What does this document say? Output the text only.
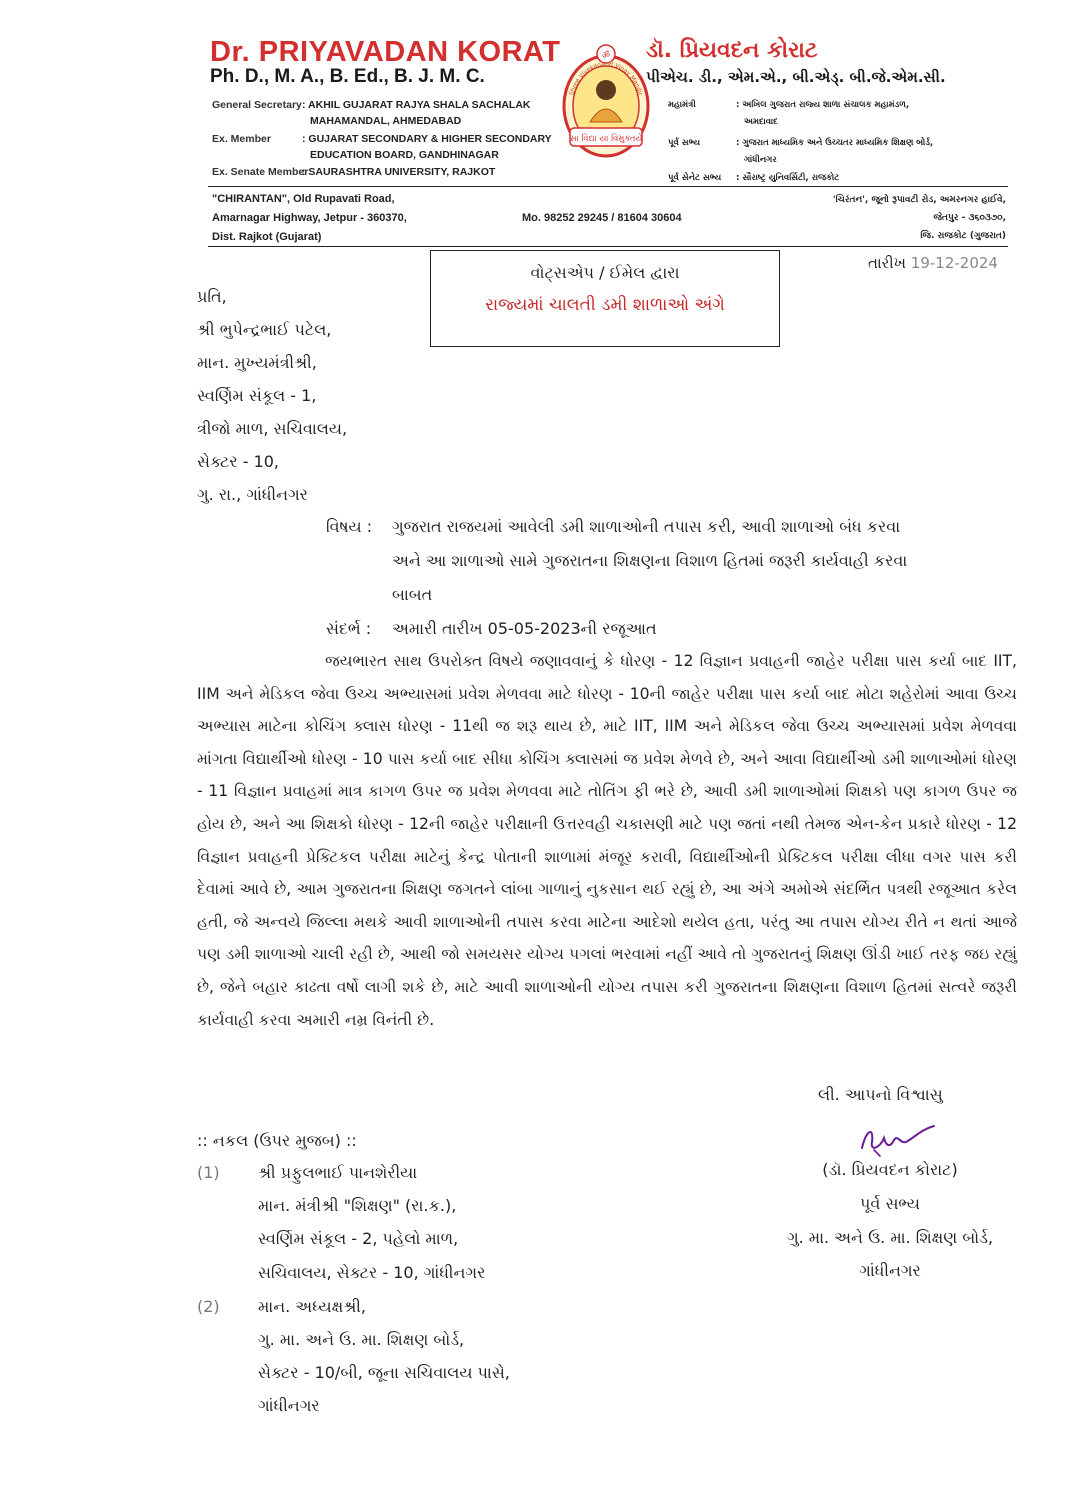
Dr. PRIYAVADAN KORAT
Ph. D., M. A., B. Ed., B. J. M. C.
ડૉ. પ્રિયવદન કોરાટ
પીએચ. ડી., એમ.એ., બી.એડ્. બી.જે.એમ.સી.
ॐ
Shree Vivekanand Vinay Mandir
સા વિદ્યા યા વિમુક્તયે
General Secretary : AKHIL GUJARAT RAJYA SHALA SACHALAK
MAHAMANDAL, AHMEDABAD
Ex. Member	: GUJARAT SECONDARY & HIGHER SECONDARY
EDUCATION BOARD, GANDHINAGAR
Ex. Senate Member
: SAURASHTRA UNIVERSITY, RAJKOT
મહામંત્રી	: અખિલ ગુજરાત રાજ્ય શાળા સંચાલક મહામંડળ,
અમદાવાદ
પૂર્વ સભ્ય	: ગુજરાત માધ્યમિક અને ઉચ્ચતર માધ્યમિક શિક્ષણ બોર્ડ,
ગાંધીનગર
પૂર્વ સેનેટ સભ્ય : સૌરાષ્ટ્ર યુનિવર્સિટી, રાજકોટ
"CHIRANTAN", Old Rupavati Road,
Amarnagar Highway, Jetpur - 360370,
Dist. Rajkot (Gujarat)
Mo. 98252 29245 / 81604 30604
'ચિરંતન', જૂનો રૂપાવટી રોડ, અમરનગર હાઈવે,
જેતપુર - ૩૬૦૩૭૦,
જિ. રાજકોટ (ગુજરાત)
વોટ્સએપ / ઈમેલ દ્વારા
રાજ્યમાં ચાલતી ડમી શાળાઓ અંગે
તારીખ 19-12-2024
પ્રતિ,
શ્રી ભુપેન્દ્રભાઈ પટેલ,
માન. મુખ્યમંત્રીશ્રી,
સ્વર્ણિમ સંકૂલ - 1,
ત્રીજો માળ, સચિવાલય,
સેક્ટર - 10,
ગુ. રા., ગાંધીનગર
વિષય : ગુજરાત રાજયમાં આવેલી ડમી શાળાઓની તપાસ કરી, આવી શાળાઓ બંધ કરવા
અને આ શાળાઓ સામે ગુજરાતના શિક્ષણના વિશાળ હિતમાં જરૂરી કાર્યવાહી કરવા
બાબત
સંદર્ભ : અમારી તારીખ 05-05-2023ની રજૂઆત

જયભારત સાથ ઉપરોક્ત વિષયે જણાવવાનું કે ધોરણ - 12 વિજ્ઞાન પ્રવાહની જાહેર પરીક્ષા પાસ કર્યા બાદ IIT, IIM અને મેડિકલ જેવા ઉચ્ચ અભ્યાસમાં પ્રવેશ મેળવવા માટે ધોરણ - 10ની જાહેર પરીક્ષા પાસ કર્યા બાદ મોટા શહેરોમાં આવા ઉચ્ચ અભ્યાસ માટેના કોચિંગ ક્લાસ ધોરણ - 11થી જ શરૂ થાય છે, માટે IIT, IIM અને મેડિકલ જેવા ઉચ્ચ અભ્યાસમાં પ્રવેશ મેળવવા માંગતા વિદ્યાર્થીઓ ધોરણ - 10 પાસ કર્યા બાદ સીધા કોચિંગ ક્લાસમાં જ પ્રવેશ મેળવે છે, અને આવા વિદ્યાર્થીઓ ડમી શાળાઓમાં ધોરણ - 11 વિજ્ઞાન પ્રવાહમાં માત્ર કાગળ ઉપર જ પ્રવેશ મેળવવા માટે તોતિંગ ફી ભરે છે, આવી ડમી શાળાઓમાં શિક્ષકો પણ કાગળ ઉપર જ હોય છે, અને આ શિક્ષકો ધોરણ - 12ની જાહેર પરીક્ષાની ઉત્તરવહી ચકાસણી માટે પણ જતાં નથી તેમજ એન-કેન પ્રકારે ધોરણ - 12 વિજ્ઞાન પ્રવાહની પ્રેક્ટિકલ પરીક્ષા માટેનું કેન્દ્ર પોતાની શાળામાં મંજૂર કરાવી, વિદ્યાર્થીઓની પ્રેક્ટિકલ પરીક્ષા લીધા વગર પાસ કરી દેવામાં આવે છે, આમ ગુજરાતના શિક્ષણ જગતને લાંબા ગાળાનું નુકસાન થઈ રહ્યું છે, આ અંગે અમોએ સંદર્ભિત પત્રથી રજૂઆત કરેલ હતી, જે અન્વયે જિલ્લા મથકે આવી શાળાઓની તપાસ કરવા માટેના આદેશો થયેલ હતા, પરંતુ આ તપાસ યોગ્ય રીતે ન થતાં આજે પણ ડમી શાળાઓ ચાલી રહી છે, આથી જો સમયસર યોગ્ય પગલાં ભરવામાં નહીં આવે તો ગુજરાતનું શિક્ષણ ઊંડી ખાઈ તરફ જઇ રહ્યું છે, જેને બહાર કાઢતા વર્ષો લાગી શકે છે, માટે આવી શાળાઓની યોગ્ય તપાસ કરી ગુજરાતના શિક્ષણના વિશાળ હિતમાં સત્વરે જરૂરી કાર્યવાહી કરવા અમારી નમ્ર વિનંતી છે.

લી. આપનો વિશ્વાસુ
:: નકલ (ઉપર મુજબ) ::
(ડૉ. પ્રિયવદન કોરાટ)
પૂર્વ સભ્ય
ગુ. મા. અને ઉ. મા. શિક્ષણ બોર્ડ,
ગાંધીનગર
(1) શ્રી પ્રફુલભાઈ પાનશેરીયા
માન. મંત્રીશ્રી "શિક્ષણ" (રા.ક.),
સ્વર્ણિમ સંકૂલ - 2, પહેલો માળ,
સચિવાલય, સેક્ટર - 10, ગાંધીનગર
(2) માન. અધ્યક્ષશ્રી,
ગુ. મા. અને ઉ. મા. શિક્ષણ બોર્ડ,
સેક્ટર - 10/બી, જૂના સચિવાલય પાસે,
ગાંધીનગર
